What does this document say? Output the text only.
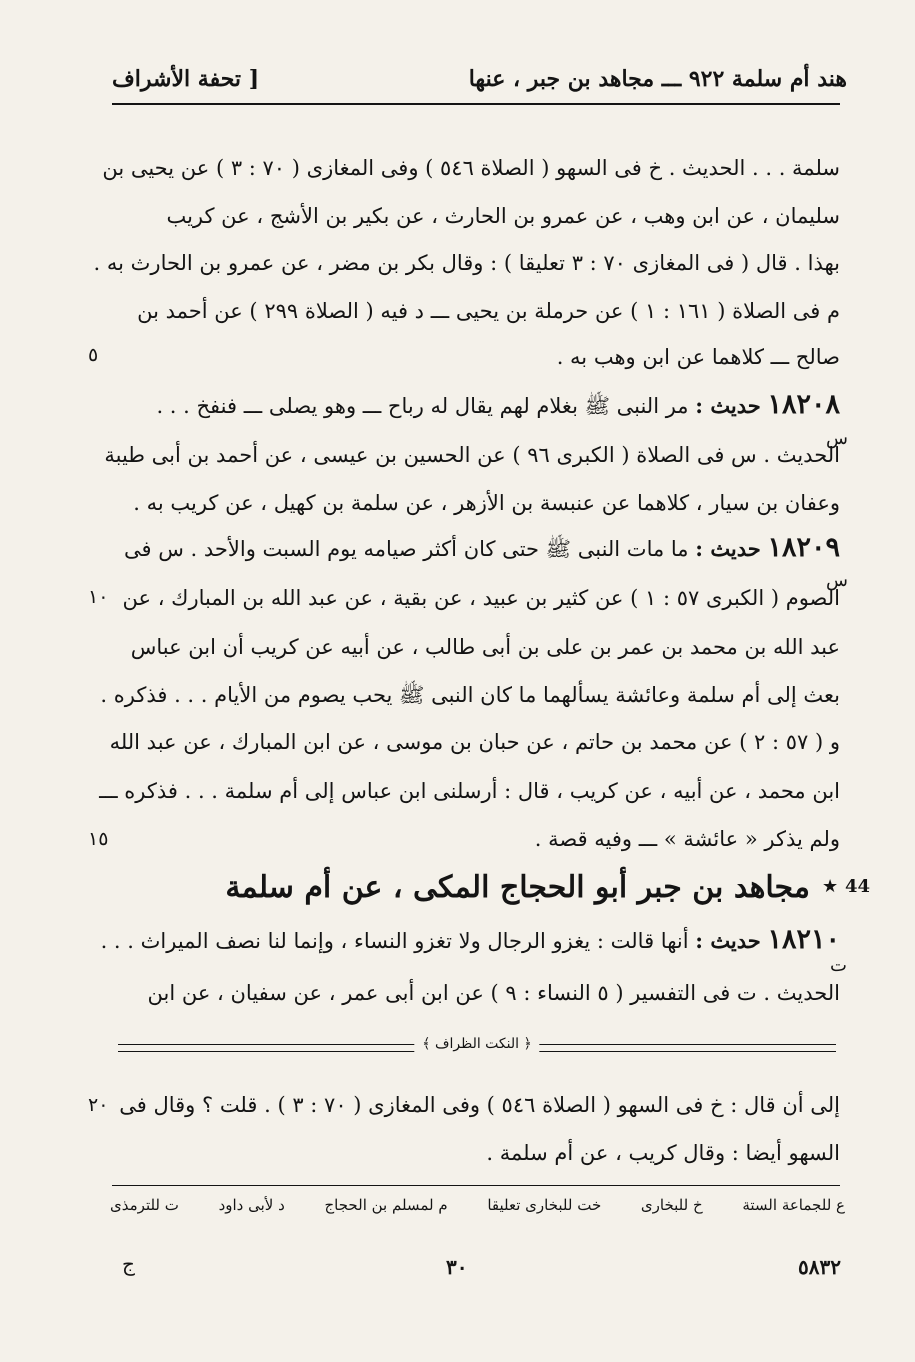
هند أم سلمة ٩٢٢ ـــ مجاهد بن جبر ، عنها
[ تحفة الأشراف
سلمة . . . الحديث . خ فى السهو ( الصلاة ٥٤٦ ) وفى المغازى ( ٧٠ : ٣ ) عن يحيى بن
سليمان ، عن ابن وهب ، عن عمرو بن الحارث ، عن بكير بن الأشج ، عن كريب
بهذا . قال ( فى المغازى ٧٠ : ٣ تعليقا ) : وقال بكر بن مضر ، عن عمرو بن الحارث به .
م فى الصلاة ( ١٦١ : ١ ) عن حرملة بن يحيى ـــ د فيه ( الصلاة ٢٩٩ ) عن أحمد بن
صالح ـــ كلاهما عن ابن وهب به .
٥
١٨٢٠٨ حديث : مر النبى ﷺ بغلام لهم يقال له رباح ـــ وهو يصلى ـــ فنفخ . . .
س
الحديث . س فى الصلاة ( الكبرى ٩٦ ) عن الحسين بن عيسى ، عن أحمد بن أبى طيبة
وعفان بن سيار ، كلاهما عن عنبسة بن الأزهر ، عن سلمة بن كهيل ، عن كريب به .
١٨٢٠٩ حديث : ما مات النبى ﷺ حتى كان أكثر صيامه يوم السبت والأحد . س فى
س
الصوم ( الكبرى ٥٧ : ١ ) عن كثير بن عبيد ، عن بقية ، عن عبد الله بن المبارك ، عن
١٠
عبد الله بن محمد بن عمر بن على بن أبى طالب ، عن أبيه عن كريب أن ابن عباس
بعث إلى أم سلمة وعائشة يسألهما ما كان النبى ﷺ يحب يصوم من الأيام . . . فذكره .
و ( ٥٧ : ٢ ) عن محمد بن حاتم ، عن حبان بن موسى ، عن ابن المبارك ، عن عبد الله
ابن محمد ، عن أبيه ، عن كريب ، قال : أرسلنى ابن عباس إلى أم سلمة . . . فذكره ـــ
ولم يذكر « عائشة » ـــ وفيه قصة .
١٥
44
★
مجاهد بن جبر أبو الحجاج المكى ، عن أم سلمة
١٨٢١٠ حديث : أنها قالت : يغزو الرجال ولا تغزو النساء ، وإنما لنا نصف الميراث . . .
ت
الحديث . ت فى التفسير ( ٥ النساء : ٩ ) عن ابن أبى عمر ، عن سفيان ، عن ابن
﴿ النكت الظراف ﴾
إلى أن قال : خ فى السهو ( الصلاة ٥٤٦ ) وفى المغازى ( ٧٠ : ٣ ) . قلت ؟ وقال فى
٢٠
السهو أيضا : وقال كريب ، عن أم سلمة .
ع للجماعة الستة
خ للبخارى
خت للبخارى تعليقا
م لمسلم بن الحجاج
د لأبى داود
ت للترمذى
٥٨٣٢
٣٠
ج
